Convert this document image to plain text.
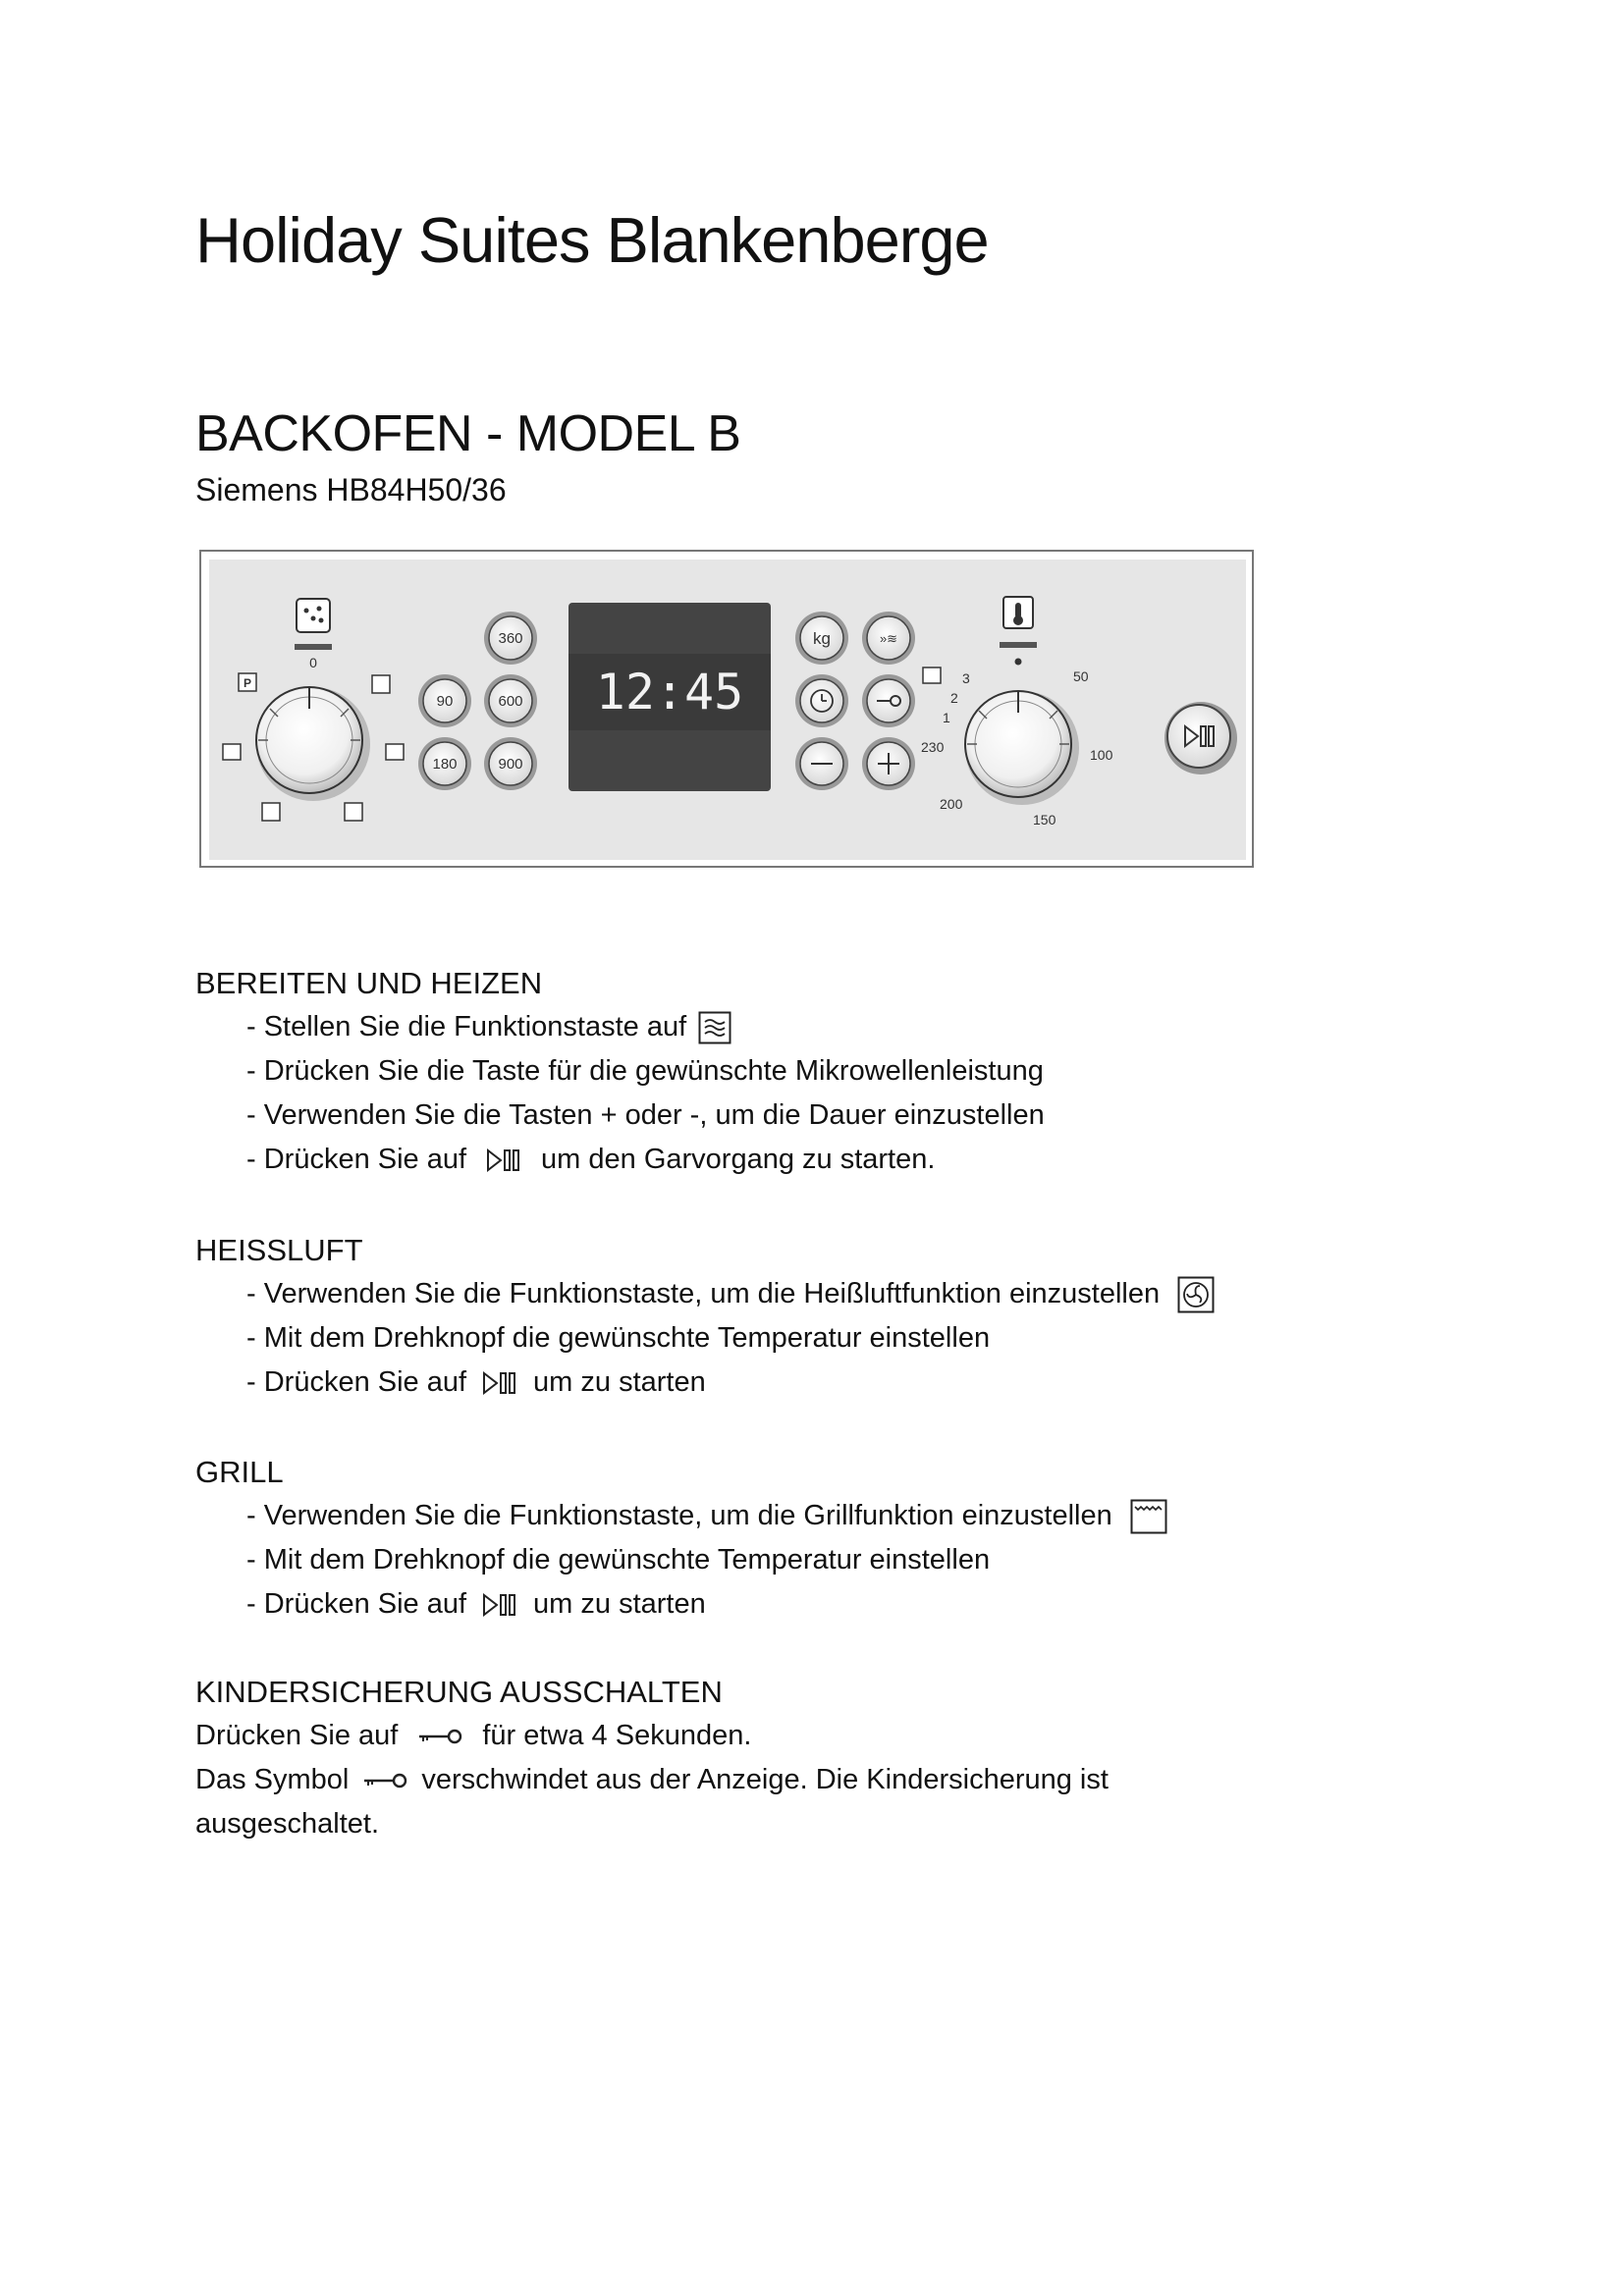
Holiday Suites Blankenberge
BACKOFEN - MODEL B

Siemens HB84H50/36

0
P
360
90	600
180	900
12:45
kg	»≋
3
2
1
230
200
150
100
50

BEREITEN UND HEIZEN

- Stellen Sie die Funktionstaste auf
- Drücken Sie die Taste für die gewünschte Mikrowellenleistung
- Verwenden Sie die Tasten + oder -, um die Dauer einzustellen
- Drücken Sie auf	um den Garvorgang zu starten.

HEISSLUFT

- Verwenden Sie die Funktionstaste, um die Heißluftfunktion einzustellen
- Mit dem Drehknopf die gewünschte Temperatur einstellen
- Drücken Sie auf um zu starten

GRILL

- Verwenden Sie die Funktionstaste, um die Grillfunktion einzustellen
- Mit dem Drehknopf die gewünschte Temperatur einstellen
- Drücken Sie auf um zu starten

KINDERSICHERUNG AUSSCHALTEN

Drücken Sie auf	für etwa 4 Sekunden.
Das Symbol	verschwindet aus der Anzeige. Die Kindersicherung ist
ausgeschaltet.
